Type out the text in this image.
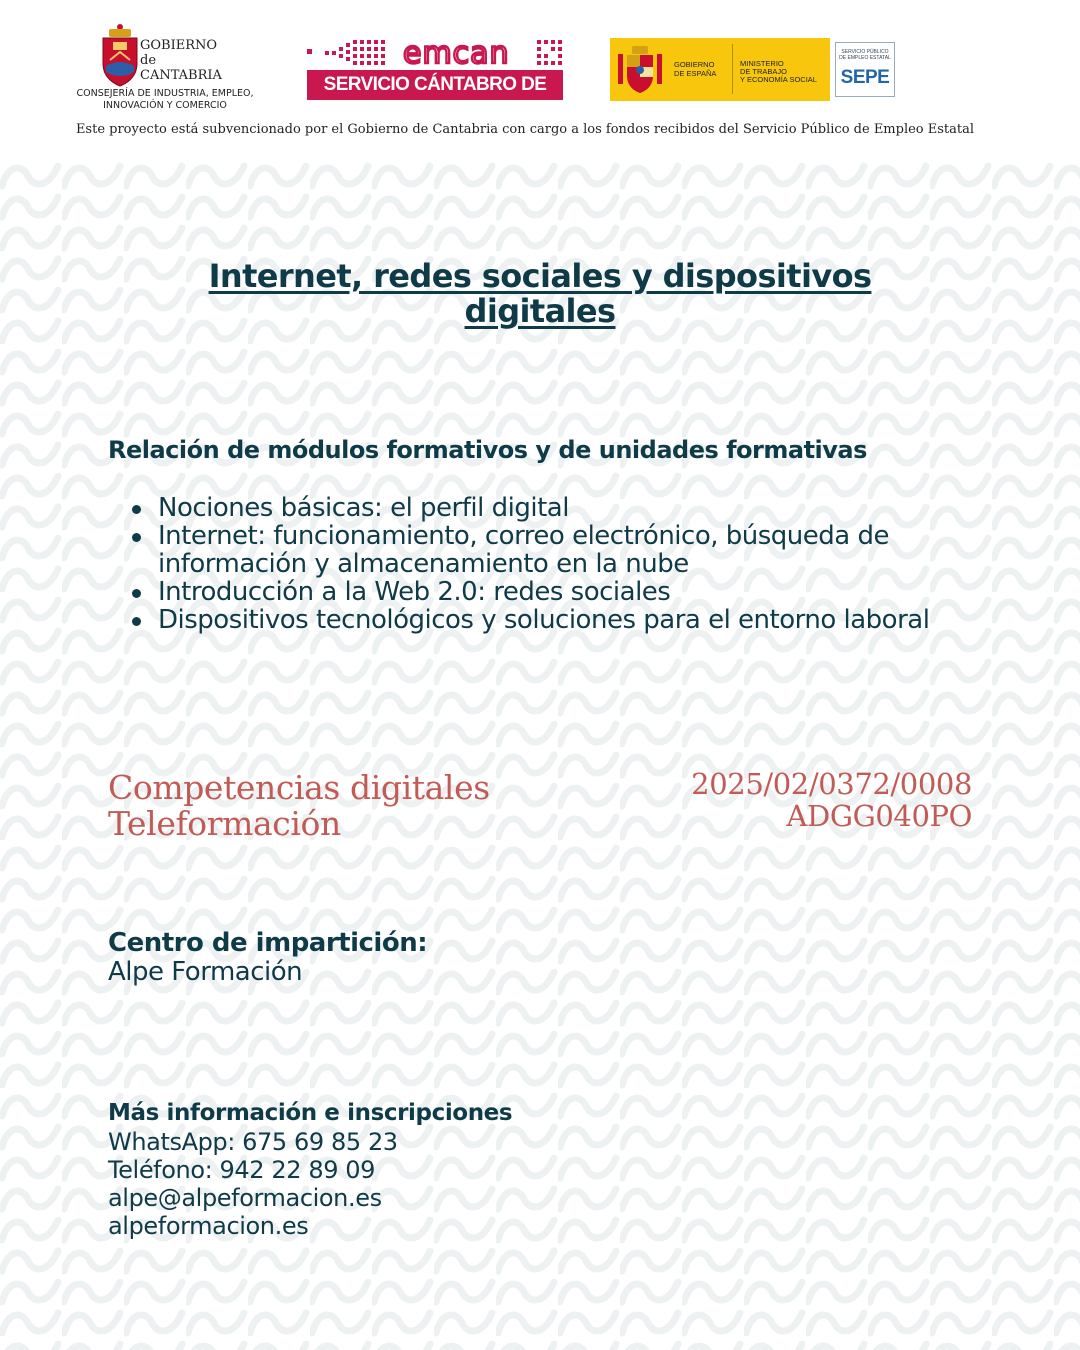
GOBIERNO
de
CANTABRIA
CONSEJERÍA DE INDUSTRIA, EMPLEO,
INNOVACIÓN Y COMERCIO
emcan
SERVICIO CÁNTABRO DE EMPLEO
GOBIERNO
DE ESPAÑA
MINISTERIO
DE TRABAJO
Y ECONOMÍA SOCIAL
SERVICIO PÚBLICO
DE EMPLEO ESTATAL
SEPE
Este proyecto está subvencionado por el Gobierno de Cantabria con cargo a los fondos recibidos del Servicio Público de Empleo Estatal
Internet, redes sociales y dispositivos
digitales
Relación de módulos formativos y de unidades formativas
Nociones básicas: el perfil digital
Internet: funcionamiento, correo electrónico, búsqueda de información y almacenamiento en la nube
Introducción a la Web 2.0: redes sociales
Dispositivos tecnológicos y soluciones para el entorno laboral
Competencias digitales
Teleformación
2025/02/0372/0008
ADGG040PO
Centro de impartición:
Alpe Formación
Más información e inscripciones
WhatsApp: 675 69 85 23
Teléfono: 942 22 89 09
alpe@alpeformacion.es
alpeformacion.es
